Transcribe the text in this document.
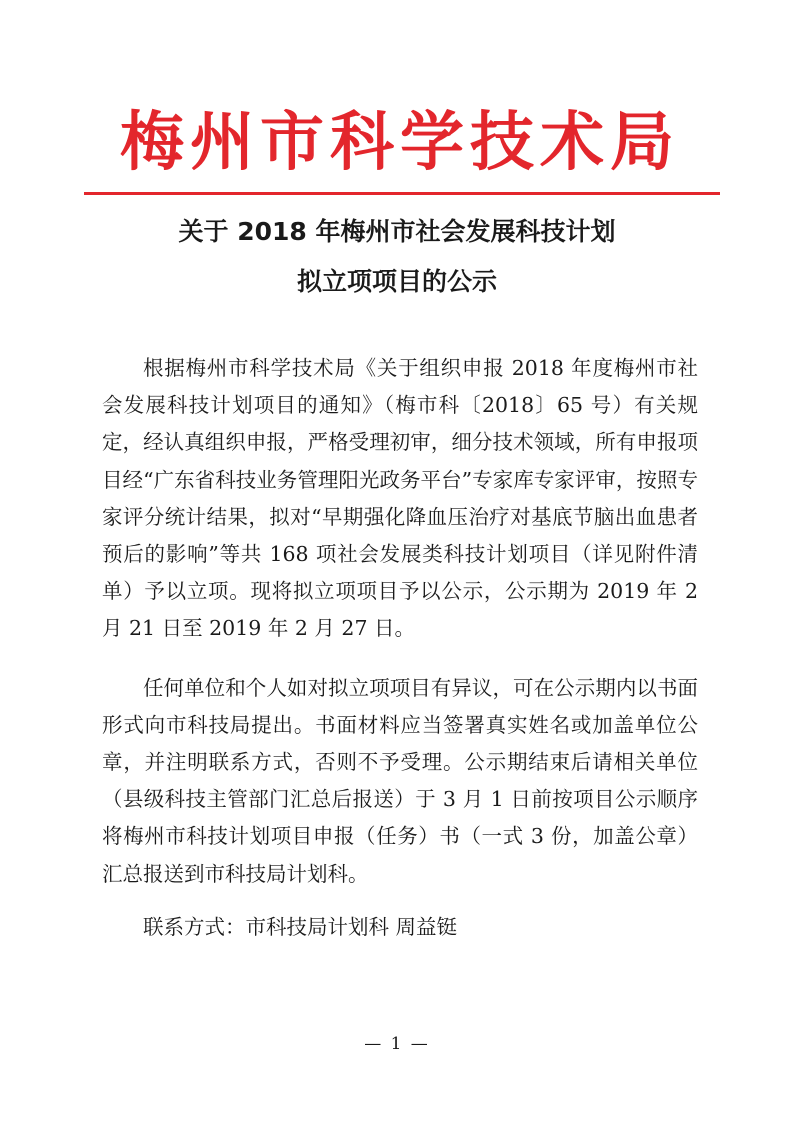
梅州市科学技术局
关于 2018 年梅州市社会发展科技计划
拟立项项目的公示

根据梅州市科学技术局《关于组织申报 2018 年度梅州市社会发展科技计划项目的通知》（梅市科〔2018〕65 号）有关规定，经认真组织申报，严格受理初审，细分技术领域，所有申报项目经“广东省科技业务管理阳光政务平台”专家库专家评审，按照专家评分统计结果，拟对“早期强化降血压治疗对基底节脑出血患者预后的影响”等共 168 项社会发展类科技计划项目（详见附件清单）予以立项。现将拟立项项目予以公示，公示期为 2019 年 2 月 21 日至 2019 年 2 月 27 日。

任何单位和个人如对拟立项项目有异议，可在公示期内以书面形式向市科技局提出。书面材料应当签署真实姓名或加盖单位公章，并注明联系方式，否则不予受理。公示期结束后请相关单位（县级科技主管部门汇总后报送）于 3 月 1 日前按项目公示顺序将梅州市科技计划项目申报（任务）书（一式 3 份，加盖公章）汇总报送到市科技局计划科。

联系方式：市科技局计划科 周益铤

— 1 —
